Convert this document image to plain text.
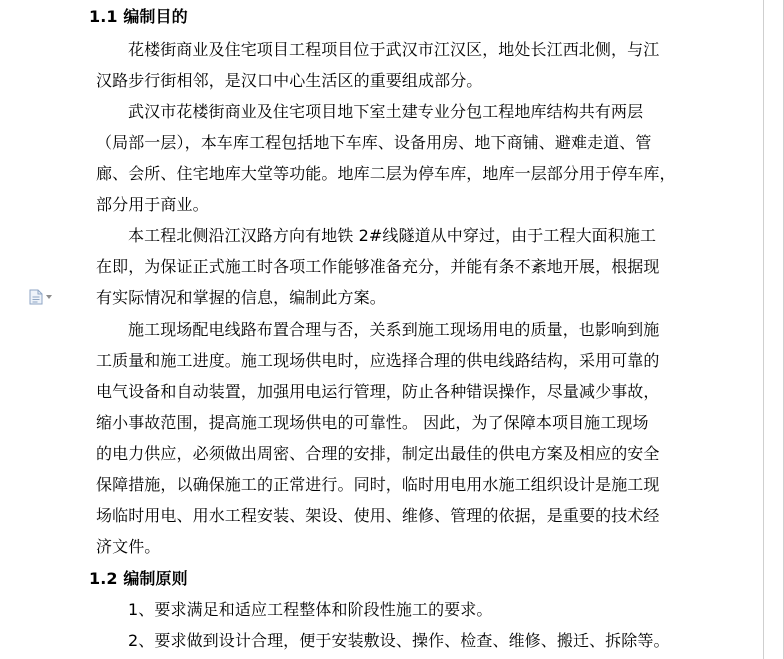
1.1 编制目的
花楼街商业及住宅项目工程项目位于武汉市江汉区，地处长江西北侧，与江
汉路步行街相邻，是汉口中心生活区的重要组成部分。
武汉市花楼街商业及住宅项目地下室土建专业分包工程地库结构共有两层
（局部一层），本车库工程包括地下车库、设备用房、地下商铺、避难走道、管
廊、会所、住宅地库大堂等功能。地库二层为停车库，地库一层部分用于停车库，
部分用于商业。
本工程北侧沿江汉路方向有地铁 2#线隧道从中穿过，由于工程大面积施工
在即，为保证正式施工时各项工作能够准备充分，并能有条不紊地开展，根据现
有实际情况和掌握的信息，编制此方案。
施工现场配电线路布置合理与否，关系到施工现场用电的质量，也影响到施
工质量和施工进度。施工现场供电时，应选择合理的供电线路结构，采用可靠的
电气设备和自动装置，加强用电运行管理，防止各种错误操作，尽量减少事故，
缩小事故范围，提高施工现场供电的可靠性。 因此，为了保障本项目施工现场
的电力供应，必须做出周密、合理的安排，制定出最佳的供电方案及相应的安全
保障措施，以确保施工的正常进行。同时，临时用电用水施工组织设计是施工现
场临时用电、用水工程安装、架设、使用、维修、管理的依据，是重要的技术经
济文件。
1.2 编制原则
1、要求满足和适应工程整体和阶段性施工的要求。
2、要求做到设计合理，便于安装敷设、操作、检查、维修、搬迁、拆除等。
